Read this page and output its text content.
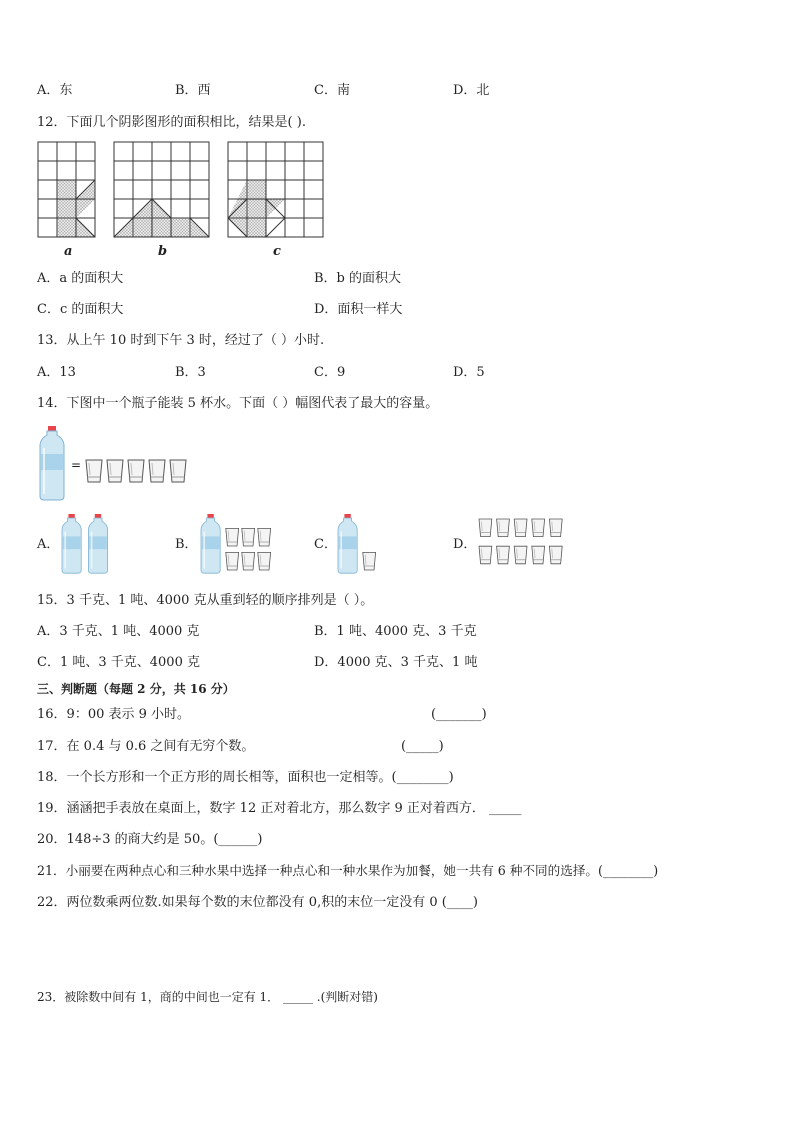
A．东	B．西	C．南	D．北
12．下面几个阴影图形的面积相比，结果是( ).
a	b	c
A．a 的面积大	B．b 的面积大
C．c 的面积大	D．面积一样大
13．从上午 10 时到下午 3 时，经过了（ ）小时.
A．13	B．3	C．9	D．5
14．下图中一个瓶子能装 5 杯水。下面（ ）幅图代表了最大的容量。
=
A．	B．	C．	D．
15．3 千克、1 吨、4000 克从重到轻的顺序排列是（ ）。
A．3 千克、1 吨、4000 克	B．1 吨、4000 克、3 千克
C．1 吨、3 千克、4000 克	D．4000 克、3 千克、1 吨
三、判断题（每题 2 分，共 16 分）
16．9：00 表示 9 小时。	(_______)
17．在 0.4 与 0.6 之间有无穷个数。	(_____)
18．一个长方形和一个正方形的周长相等，面积也一定相等。(________)
19．涵涵把手表放在桌面上，数字 12 正对着北方，那么数字 9 正对着西方． _____
20．148÷3 的商大约是 50。(______)
21．小丽要在两种点心和三种水果中选择一种点心和一种水果作为加餐，她一共有 6 种不同的选择。(________)
22．两位数乘两位数.如果每个数的末位都没有 0,积的末位一定没有 0 (____)
23．被除数中间有 1，商的中间也一定有 1． _____ .(判断对错)
